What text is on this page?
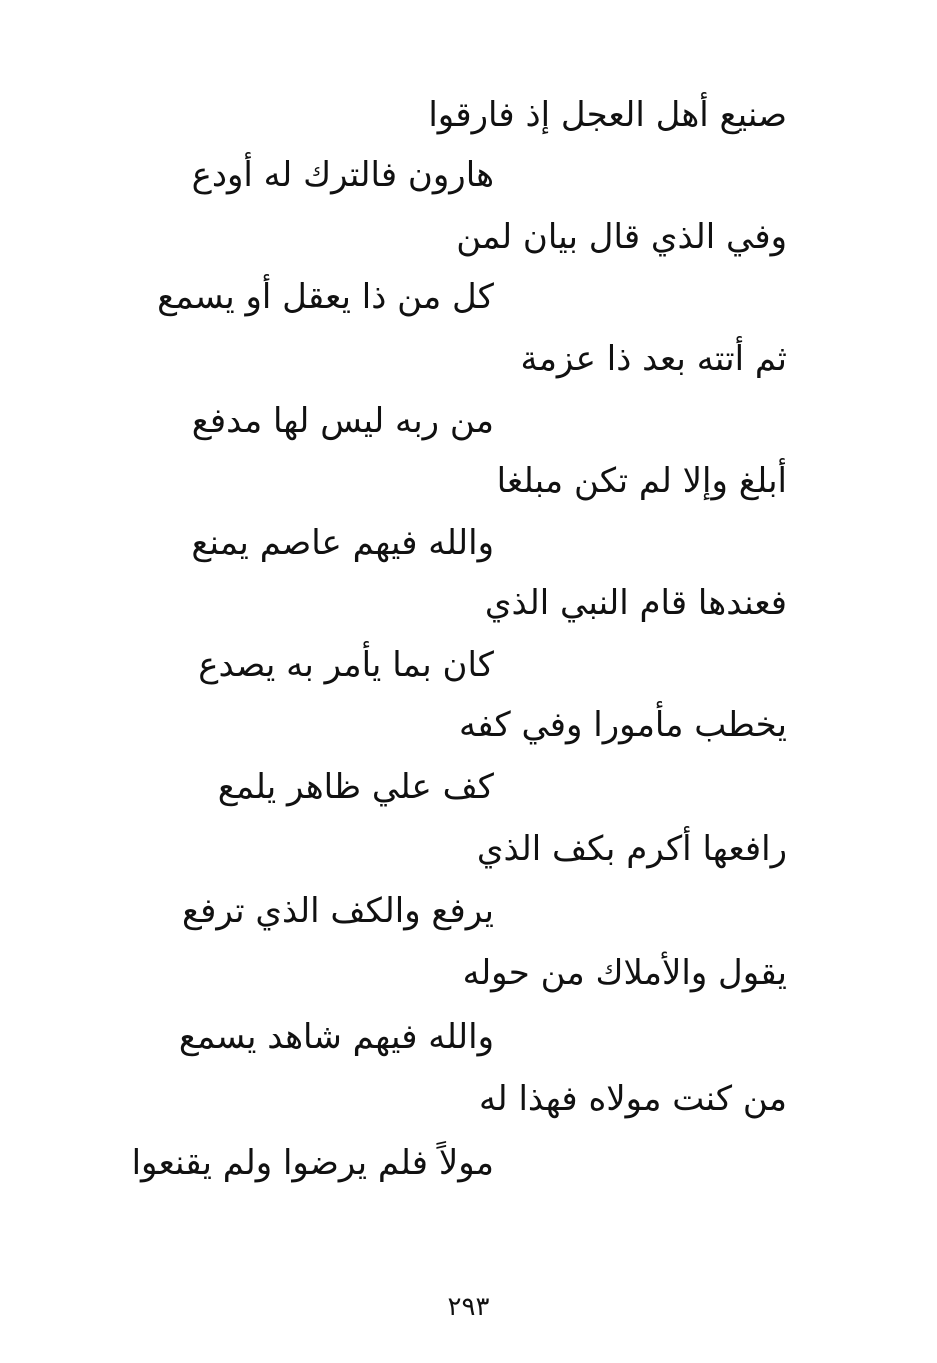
صنيع أهل العجل إذ فارقوا
هارون فالترك له أودع
وفي الذي قال بيان لمن
كل من ذا يعقل أو يسمع
ثم أتته بعد ذا عزمة
من ربه ليس لها مدفع
أبلغ وإلا لم تكن مبلغا
والله فيهم عاصم يمنع
فعندها قام النبي الذي
كان بما يأمر به يصدع
يخطب مأمورا وفي كفه
كف علي ظاهر يلمع
رافعها أكرم بكف الذي
يرفع والكف الذي ترفع
يقول والأملاك من حوله
والله فيهم شاهد يسمع
من كنت مولاه فهذا له
مولاً فلم يرضوا ولم يقنعوا
٢٩٣
